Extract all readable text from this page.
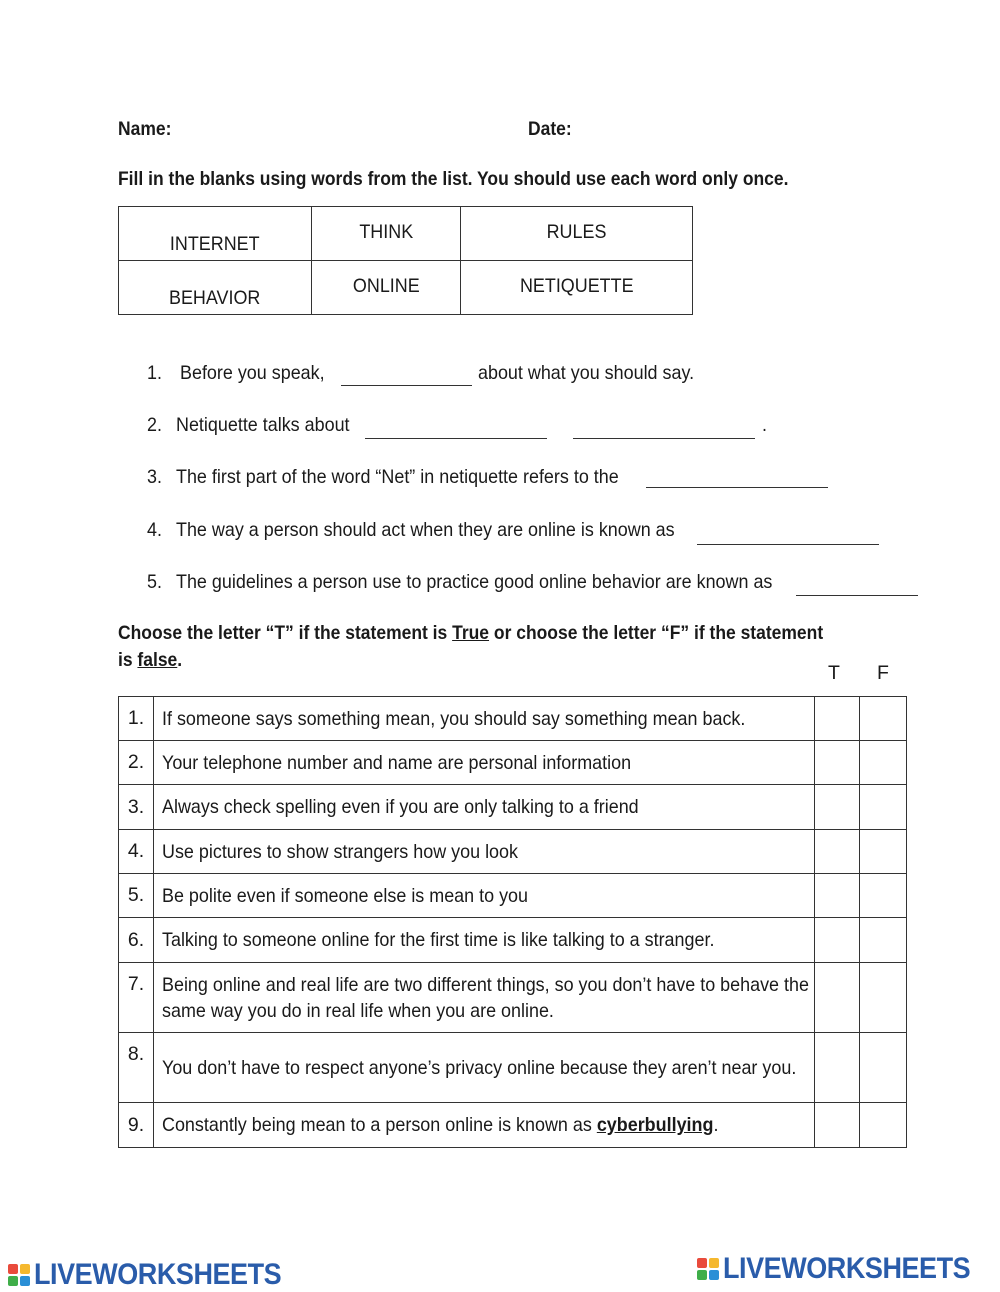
Name:	Date:
Fill in the blanks using words from the list. You should use each word only once.
INTERNET	THINK	RULES
BEHAVIOR	ONLINE	NETIQUETTE
1. Before you speak,	about what you should say.
2. Netiquette talks about	.
3. The first part of the word “Net” in netiquette refers to the
4. The way a person should act when they are online is known as
5. The guidelines a person use to practice good online behavior are known as
Choose the letter “T” if the statement is True or choose the letter “F” if the statement
is false.
T F
1.	If someone says something mean, you should say something mean back.		
2.	Your telephone number and name are personal information		
3.	Always check spelling even if you are only talking to a friend		
4.	Use pictures to show strangers how you look		
5.	Be polite even if someone else is mean to you		
6.	Talking to someone online for the first time is like talking to a stranger.		
7.	Being online and real life are two different things, so you don’t have to behave the same way you do in real life when you are online.		
8.	You don’t have to respect anyone’s privacy online because they aren’t near you.		
9.	Constantly being mean to a person online is known as cyberbullying.		
LIVEWORKSHEETS	LIVEWORKSHEETS
